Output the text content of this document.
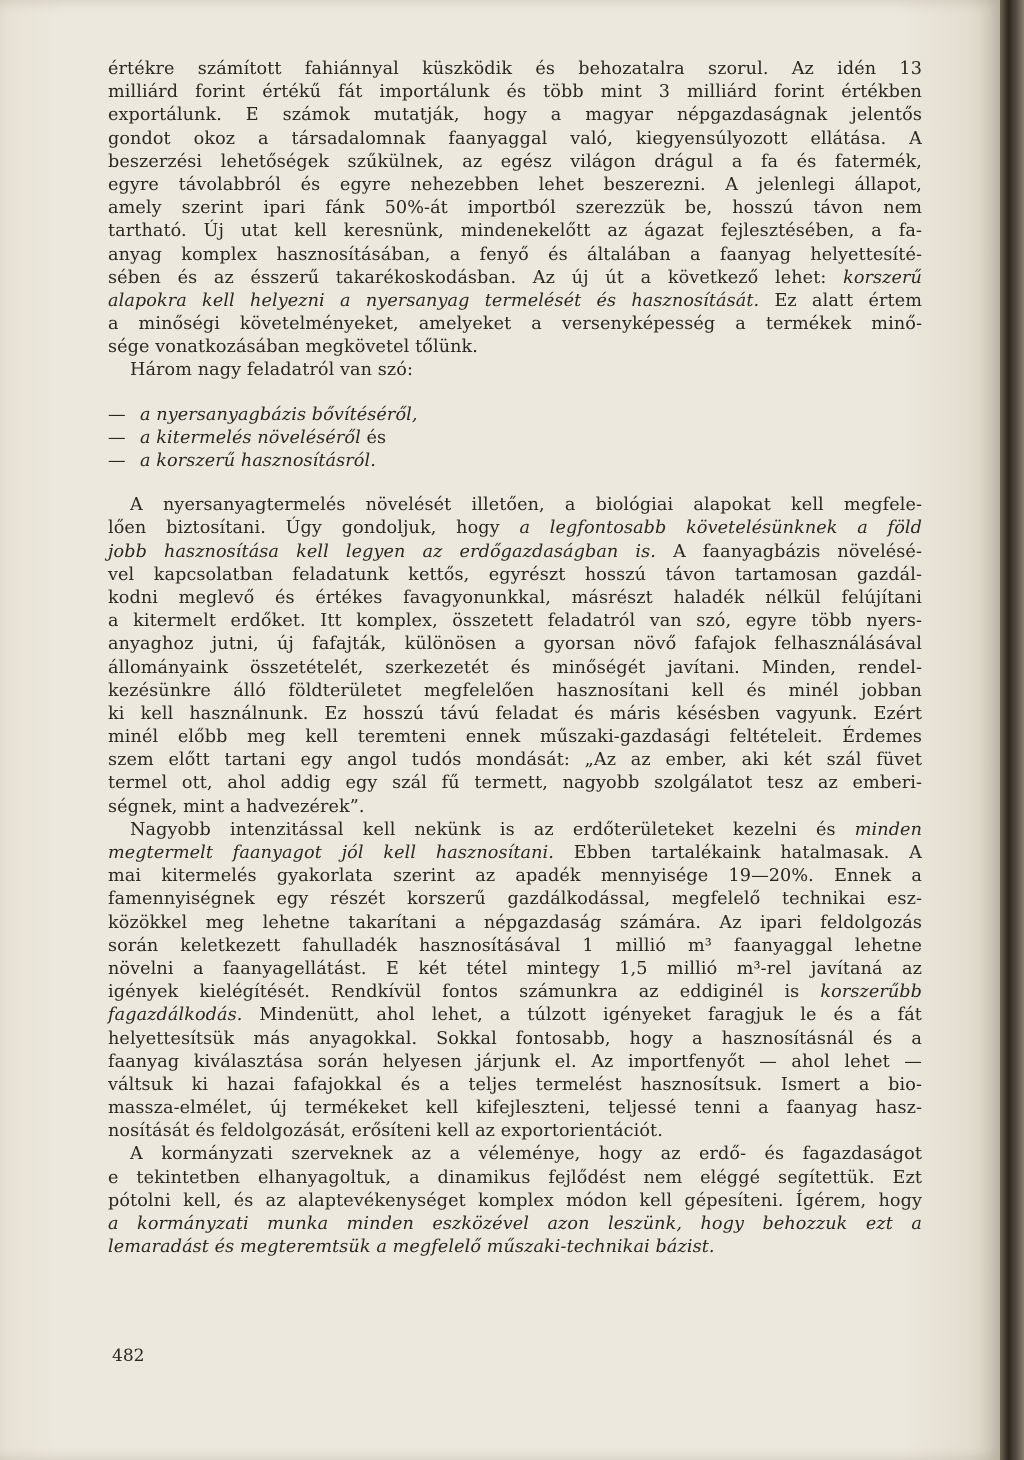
értékre számított fahiánnyal küszködik és behozatalra szorul. Az idén 13
milliárd forint értékű fát importálunk és több mint 3 milliárd forint értékben
exportálunk. E számok mutatják, hogy a magyar népgazdaságnak jelentős
gondot okoz a társadalomnak faanyaggal való, kiegyensúlyozott ellátása. A
beszerzési lehetőségek szűkülnek, az egész világon drágul a fa és fatermék,
egyre távolabbról és egyre nehezebben lehet beszerezni. A jelenlegi állapot,
amely szerint ipari fánk 50%-át importból szerezzük be, hosszú távon nem
tartható. Új utat kell keresnünk, mindenekelőtt az ágazat fejlesztésében, a fa-
anyag komplex hasznosításában, a fenyő és általában a faanyag helyettesíté-
sében és az ésszerű takarékoskodásban. Az új út a következő lehet: korszerű
alapokra kell helyezni a nyersanyag termelését és hasznosítását. Ez alatt értem
a minőségi követelményeket, amelyeket a versenyképesség a termékek minő-
sége vonatkozásában megkövetel tőlünk.
Három nagy feladatról van szó:
— a nyersanyagbázis bővítéséről,
— a kitermelés növeléséről és
— a korszerű hasznosításról.
A nyersanyagtermelés növelését illetően, a biológiai alapokat kell megfele-
lően biztosítani. Úgy gondoljuk, hogy a legfontosabb követelésünknek a föld
jobb hasznosítása kell legyen az erdőgazdaságban is. A faanyagbázis növelésé-
vel kapcsolatban feladatunk kettős, egyrészt hosszú távon tartamosan gazdál-
kodni meglevő és értékes favagyonunkkal, másrészt haladék nélkül felújítani
a kitermelt erdőket. Itt komplex, összetett feladatról van szó, egyre több nyers-
anyaghoz jutni, új fafajták, különösen a gyorsan növő fafajok felhasználásával
állományaink összetételét, szerkezetét és minőségét javítani. Minden, rendel-
kezésünkre álló földterületet megfelelően hasznosítani kell és minél jobban
ki kell használnunk. Ez hosszú távú feladat és máris késésben vagyunk. Ezért
minél előbb meg kell teremteni ennek műszaki-gazdasági feltételeit. Érdemes
szem előtt tartani egy angol tudós mondását: „Az az ember, aki két szál füvet
termel ott, ahol addig egy szál fű termett, nagyobb szolgálatot tesz az emberi-
ségnek, mint a hadvezérek”.
Nagyobb intenzitással kell nekünk is az erdőterületeket kezelni és minden
megtermelt faanyagot jól kell hasznosítani. Ebben tartalékaink hatalmasak. A
mai kitermelés gyakorlata szerint az apadék mennyisége 19—20%. Ennek a
famennyiségnek egy részét korszerű gazdálkodással, megfelelő technikai esz-
közökkel meg lehetne takarítani a népgazdaság számára. Az ipari feldolgozás
során keletkezett fahulladék hasznosításával 1 millió m³ faanyaggal lehetne
növelni a faanyagellátást. E két tétel mintegy 1,5 millió m³-rel javítaná az
igények kielégítését. Rendkívül fontos számunkra az eddiginél is korszerűbb
fagazdálkodás. Mindenütt, ahol lehet, a túlzott igényeket faragjuk le és a fát
helyettesítsük más anyagokkal. Sokkal fontosabb, hogy a hasznosításnál és a
faanyag kiválasztása során helyesen járjunk el. Az importfenyőt — ahol lehet —
váltsuk ki hazai fafajokkal és a teljes termelést hasznosítsuk. Ismert a bio-
massza-elmélet, új termékeket kell kifejleszteni, teljessé tenni a faanyag hasz-
nosítását és feldolgozását, erősíteni kell az exportorientációt.
A kormányzati szerveknek az a véleménye, hogy az erdő- és fagazdaságot
e tekintetben elhanyagoltuk, a dinamikus fejlődést nem eléggé segítettük. Ezt
pótolni kell, és az alaptevékenységet komplex módon kell gépesíteni. Ígérem, hogy
a kormányzati munka minden eszközével azon leszünk, hogy behozzuk ezt a
lemaradást és megteremtsük a megfelelő műszaki-technikai bázist.
482
